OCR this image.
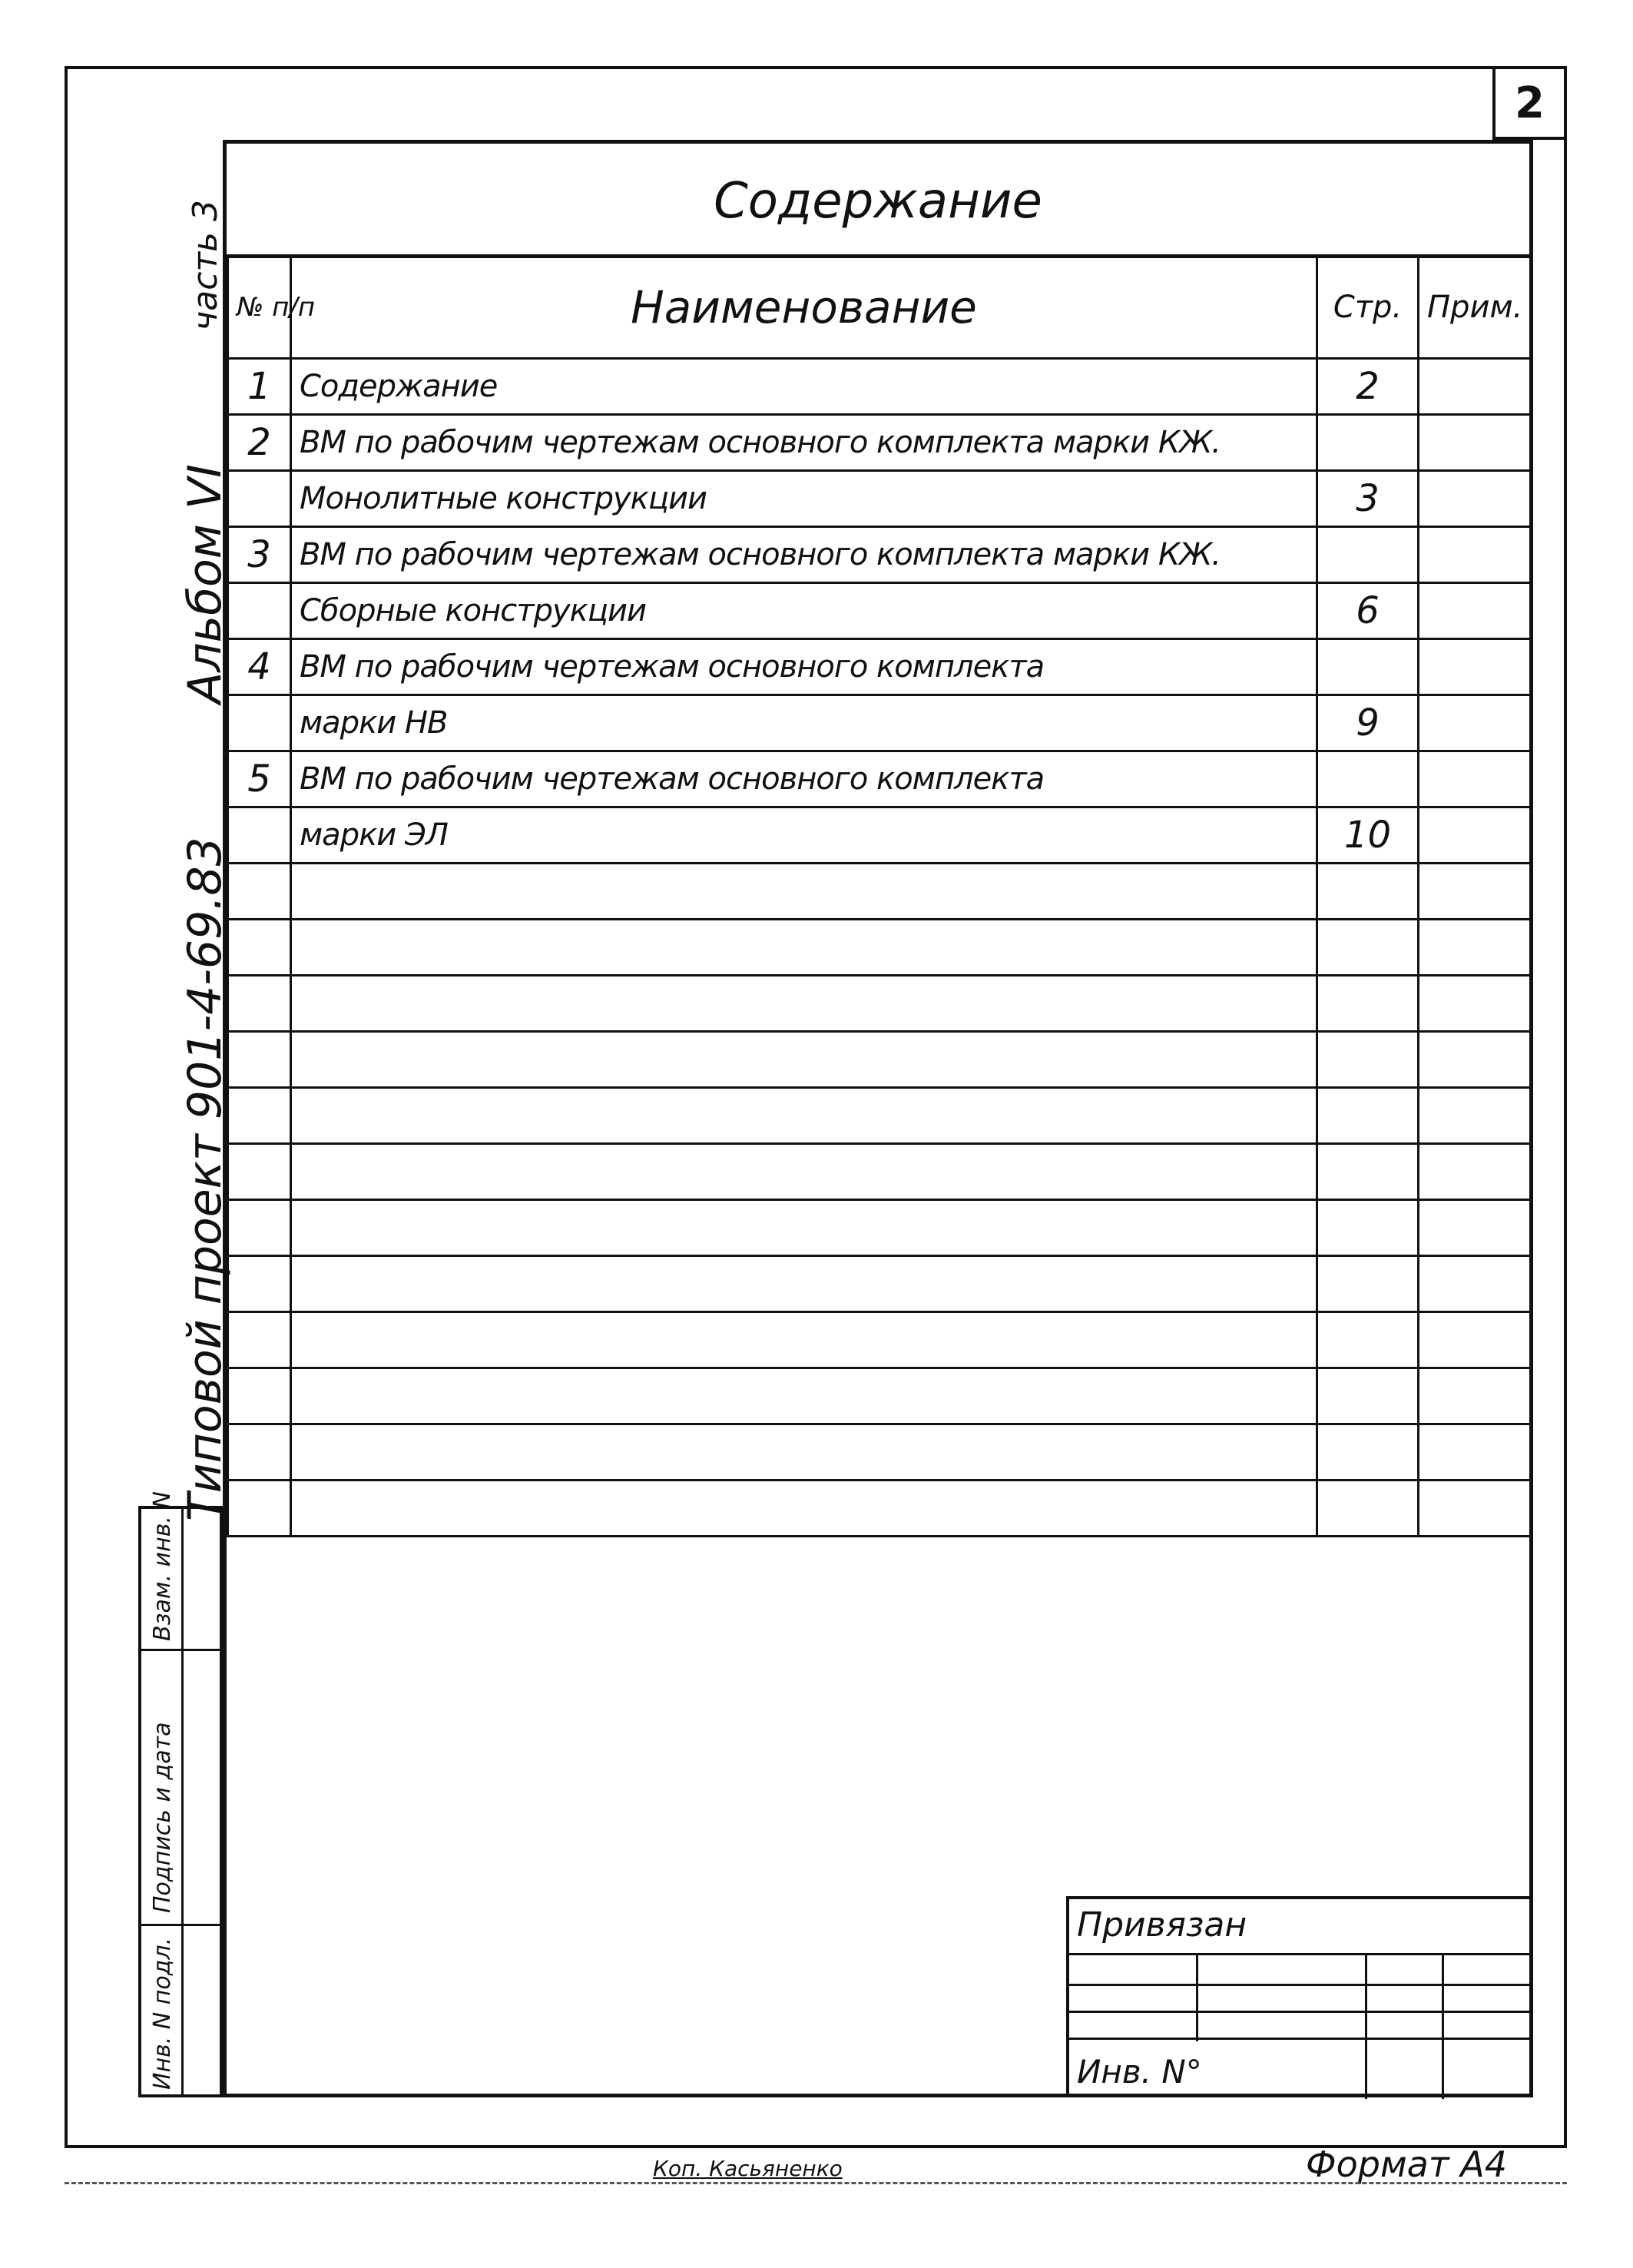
2
Типовой проект 901-4-69.83
Альбом VI
часть 3	Содержание
№ п/п	Наименование	Стр.	Прим.
1	Содержание	2	
2	ВМ по рабочим чертежам основного комплекта марки КЖ.		
	Монолитные конструкции	3	
3	ВМ по рабочим чертежам основного комплекта марки КЖ.		
	Сборные конструкции	6	
4	ВМ по рабочим чертежам основного комплекта		
	марки НВ	9	
5	ВМ по рабочим чертежам основного комплекта		
	марки ЭЛ	10	

Взам. инв. N
Подпись и дата
Инв. N подл.
Привязан
Инв. N°
Коп. Касьяненко	Формат А4
